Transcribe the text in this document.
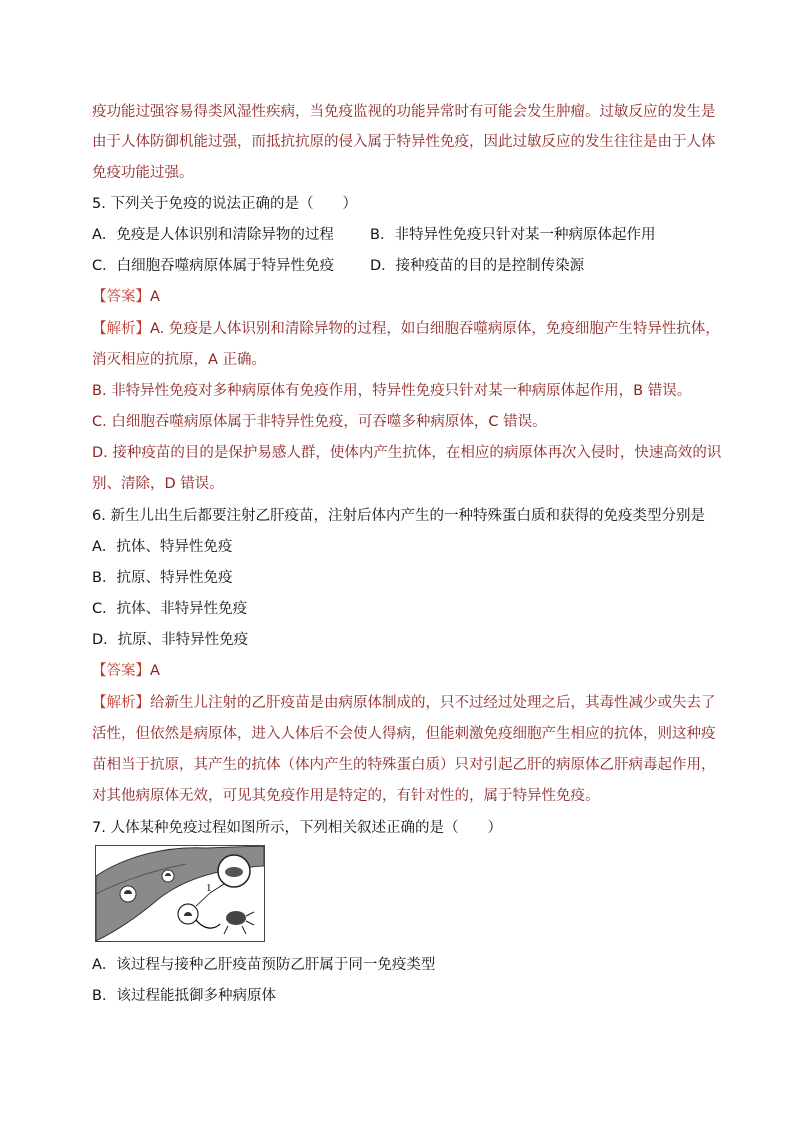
疫功能过强容易得类风湿性疾病，当免疫监视的功能异常时有可能会发生肿瘤。过敏反应的发生是
由于人体防御机能过强，而抵抗抗原的侵入属于特异性免疫，因此过敏反应的发生往往是由于人体
免疫功能过强。
5. 下列关于免疫的说法正确的是（　　）
A．免疫是人体识别和清除异物的过程 B．非特异性免疫只针对某一种病原体起作用
C．白细胞吞噬病原体属于特异性免疫 D．接种疫苗的目的是控制传染源
【答案】A
【解析】A. 免疫是人体识别和清除异物的过程，如白细胞吞噬病原体，免疫细胞产生特异性抗体，
消灭相应的抗原，A 正确。
B. 非特异性免疫对多种病原体有免疫作用，特异性免疫只针对某一种病原体起作用，B 错误。
C. 白细胞吞噬病原体属于非特异性免疫，可吞噬多种病原体，C 错误。
D. 接种疫苗的目的是保护易感人群，使体内产生抗体，在相应的病原体再次入侵时，快速高效的识
别、清除，D 错误。
6. 新生儿出生后都要注射乙肝疫苗，注射后体内产生的一种特殊蛋白质和获得的免疫类型分别是
A．抗体、特异性免疫
B．抗原、特异性免疫
C．抗体、非特异性免疫
D．抗原、非特异性免疫
【答案】A
【解析】给新生儿注射的乙肝疫苗是由病原体制成的，只不过经过处理之后，其毒性减少或失去了
活性，但依然是病原体，进入人体后不会使人得病，但能刺激免疫细胞产生相应的抗体，则这种疫
苗相当于抗原，其产生的抗体（体内产生的特殊蛋白质）只对引起乙肝的病原体乙肝病毒起作用，
对其他病原体无效，可见其免疫作用是特定的，有针对性的，属于特异性免疫。
7. 人体某种免疫过程如图所示，下列相关叙述正确的是（　　）
1
A．该过程与接种乙肝疫苗预防乙肝属于同一免疫类型
B．该过程能抵御多种病原体
